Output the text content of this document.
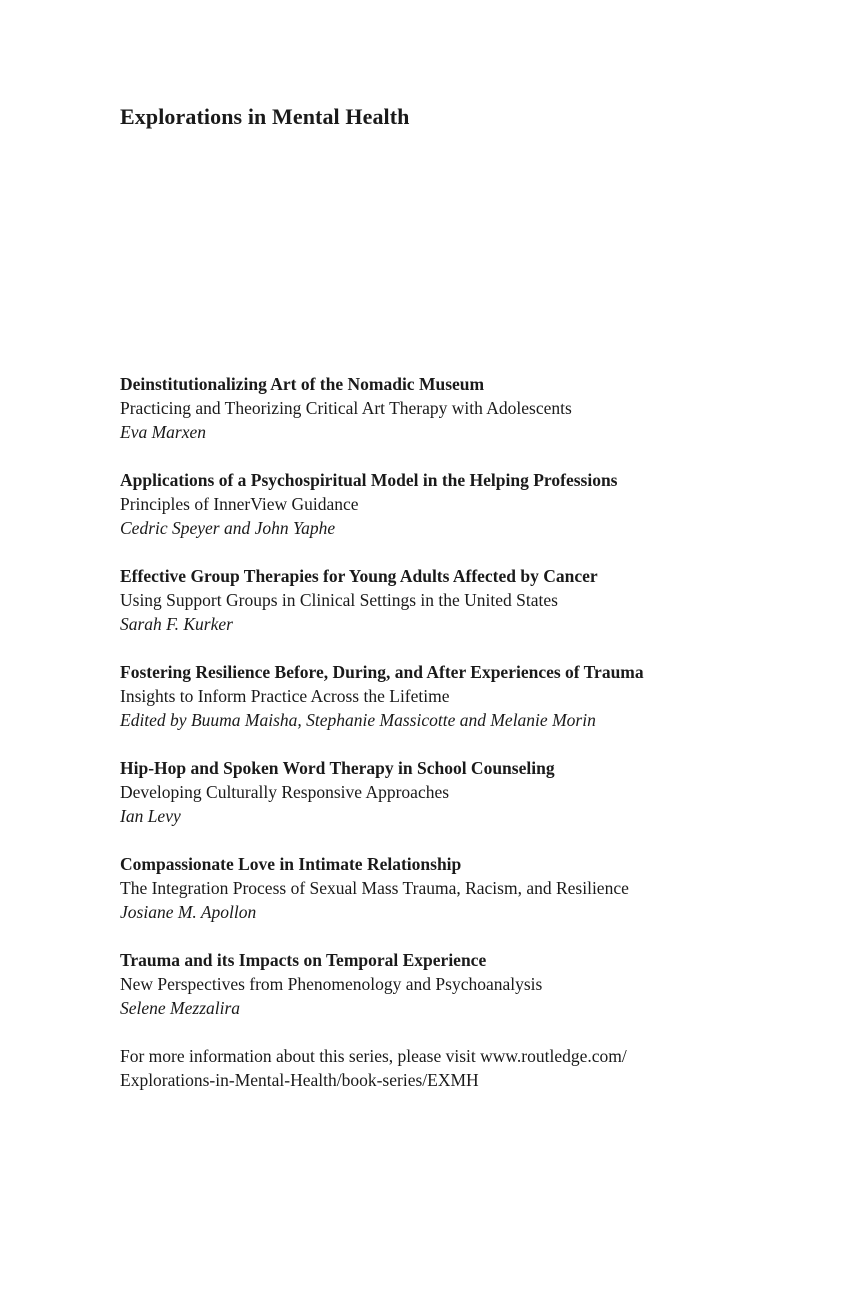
Explorations in Mental Health
Deinstitutionalizing Art of the Nomadic Museum
Practicing and Theorizing Critical Art Therapy with Adolescents
Eva Marxen
Applications of a Psychospiritual Model in the Helping Professions
Principles of InnerView Guidance
Cedric Speyer and John Yaphe
Effective Group Therapies for Young Adults Affected by Cancer
Using Support Groups in Clinical Settings in the United States
Sarah F. Kurker
Fostering Resilience Before, During, and After Experiences of Trauma
Insights to Inform Practice Across the Lifetime
Edited by Buuma Maisha, Stephanie Massicotte and Melanie Morin
Hip-Hop and Spoken Word Therapy in School Counseling
Developing Culturally Responsive Approaches
Ian Levy
Compassionate Love in Intimate Relationship
The Integration Process of Sexual Mass Trauma, Racism, and Resilience
Josiane M. Apollon
Trauma and its Impacts on Temporal Experience
New Perspectives from Phenomenology and Psychoanalysis
Selene Mezzalira

For more information about this series, please visit www.routledge.com/
Explorations-in-Mental-Health/book-series/EXMH
